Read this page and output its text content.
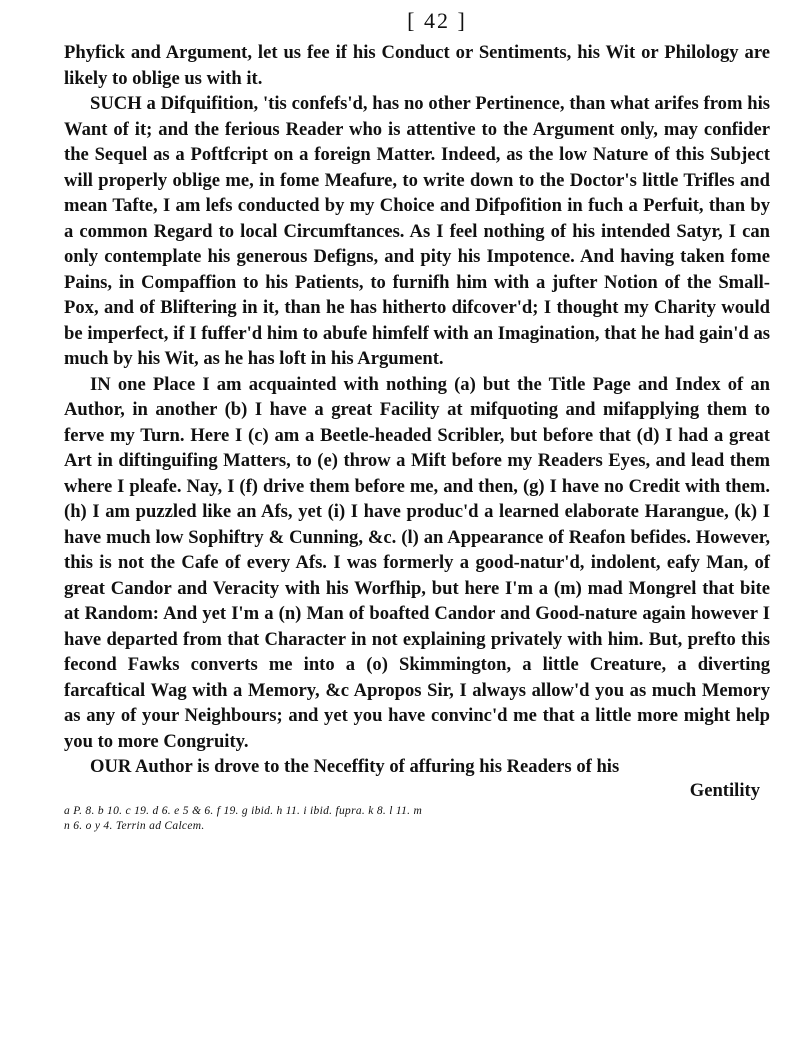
[ 42 ]

Phyfick and Argument, let us fee if his Conduct or Sentiments, his Wit or Philology are likely to oblige us with it.

SUCH a Difquifition, 'tis confefs'd, has no other Pertinence, than what arifes from his Want of it; and the ferious Reader who is attentive to the Argument only, may confider the Sequel as a Poftfcript on a foreign Matter. Indeed, as the low Nature of this Subject will properly oblige me, in fome Meafure, to write down to the Doctor's little Trifles and mean Tafte, I am lefs conducted by my Choice and Difpofition in fuch a Perfuit, than by a common Regard to local Circumftances. As I feel nothing of his intended Satyr, I can only contemplate his generous Defigns, and pity his Impotence. And having taken fome Pains, in Compaffion to his Patients, to furnifh him with a jufter Notion of the Small-Pox, and of Bliftering in it, than he has hitherto difcover'd; I thought my Charity would be imperfect, if I fuffer'd him to abufe himfelf with an Imagination, that he had gain'd as much by his Wit, as he has loft in his Argument.

IN one Place I am acquainted with nothing (a) but the Title Page and Index of an Author, in another (b) I have a great Facility at mifquoting and mifapplying them to ferve my Turn. Here I (c) am a Beetle-headed Scribler, but before that (d) I had a great Art in diftinguifing Matters, to (e) throw a Mift before my Readers Eyes, and lead them where I pleafe. Nay, I (f) drive them before me, and then, (g) I have no Credit with them. (h) I am puzzled like an Afs, yet (i) I have produc'd a learned elaborate Harangue, (k) I have much low Sophiftry & Cunning, &c. (l) an Appearance of Reafon befides. However, this is not the Cafe of every Afs. I was formerly a good-natur'd, indolent, eafy Man, of great Candor and Veracity with his Worfhip, but here I'm a (m) mad Mongrel that bite at Random: And yet I'm a (n) Man of boafted Candor and Good-nature again however I have departed from that Character in not explaining privately with him. But, prefto this fecond Fawks converts me into a (o) Skimmington, a little Creature, a diverting farcaftical Wag with a Memory, &c Apropos Sir, I always allow'd you as much Memory as any of your Neighbours; and yet you have convinc'd me that a little more might help you to more Congruity.

OUR Author is drove to the Neceffity of affuring his Readers of his

Gentility
a P. 8. b 10. c 19. d 6. e 5 & 6. f 19. g ibid. h 11. i ibid. fupra. k 8. l 11. m
n 6. o y 4. Terrin ad Calcem.
